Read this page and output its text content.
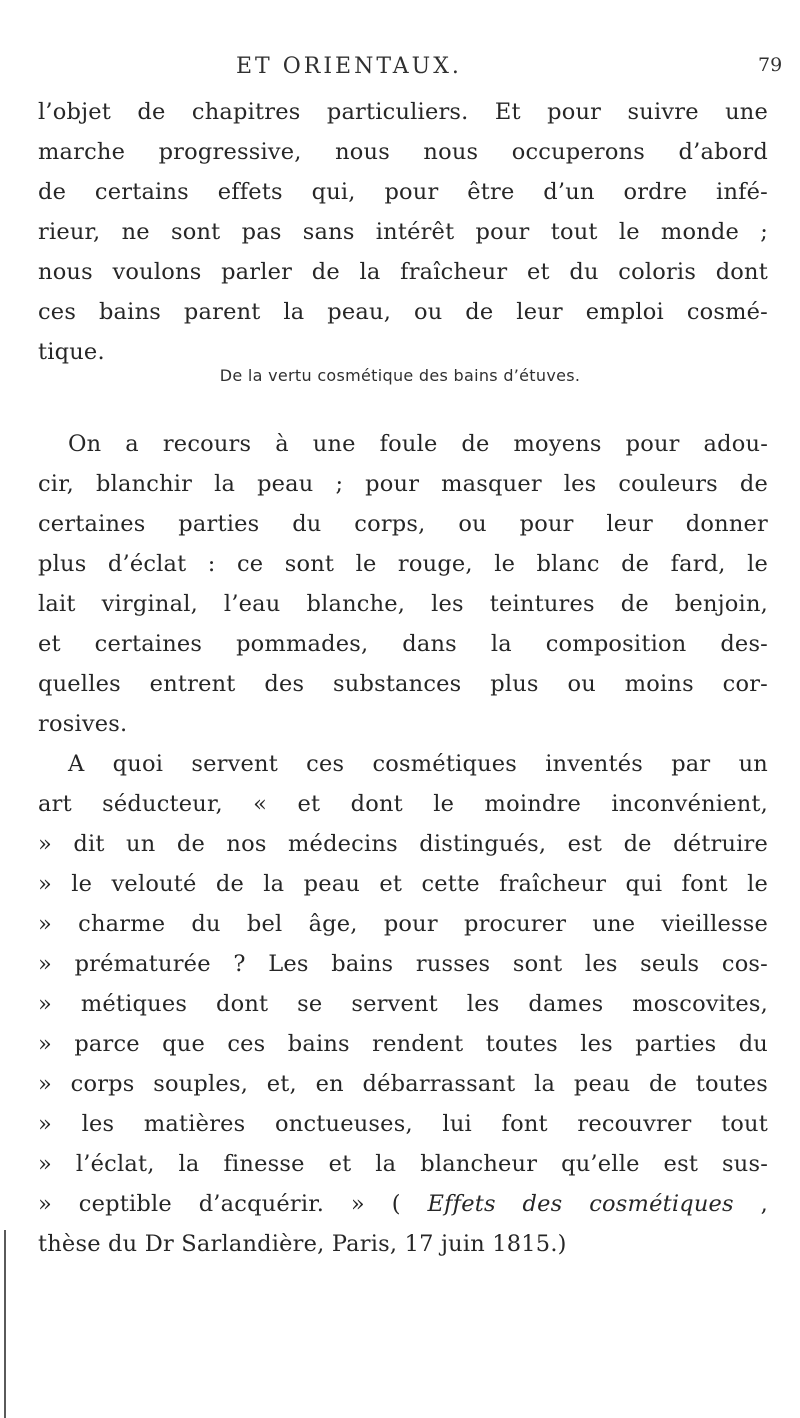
ET ORIENTAUX.	79
l’objet de chapitres particuliers. Et pour suivre une
marche progressive, nous nous occuperons d’abord
de certains effets qui, pour être d’un ordre infé-
rieur, ne sont pas sans intérêt pour tout le monde ;
nous voulons parler de la fraîcheur et du coloris dont
ces bains parent la peau, ou de leur emploi cosmé-
tique.
De la vertu cosmétique des bains d’étuves.
On a recours à une foule de moyens pour adou-
cir, blanchir la peau ; pour masquer les couleurs de
certaines parties du corps, ou pour leur donner
plus d’éclat : ce sont le rouge, le blanc de fard, le
lait virginal, l’eau blanche, les teintures de benjoin,
et certaines pommades, dans la composition des-
quelles entrent des substances plus ou moins cor-
rosives.
A quoi servent ces cosmétiques inventés par un
art séducteur, « et dont le moindre inconvénient,
» dit un de nos médecins distingués, est de détruire
» le velouté de la peau et cette fraîcheur qui font le
» charme du bel âge, pour procurer une vieillesse
» prématurée ? Les bains russes sont les seuls cos-
» métiques dont se servent les dames moscovites,
» parce que ces bains rendent toutes les parties du
» corps souples, et, en débarrassant la peau de toutes
» les matières onctueuses, lui font recouvrer tout
» l’éclat, la finesse et la blancheur qu’elle est sus-
» ceptible d’acquérir. » ( Effets des cosmétiques ,
thèse du Dr Sarlandière, Paris, 17 juin 1815.)
